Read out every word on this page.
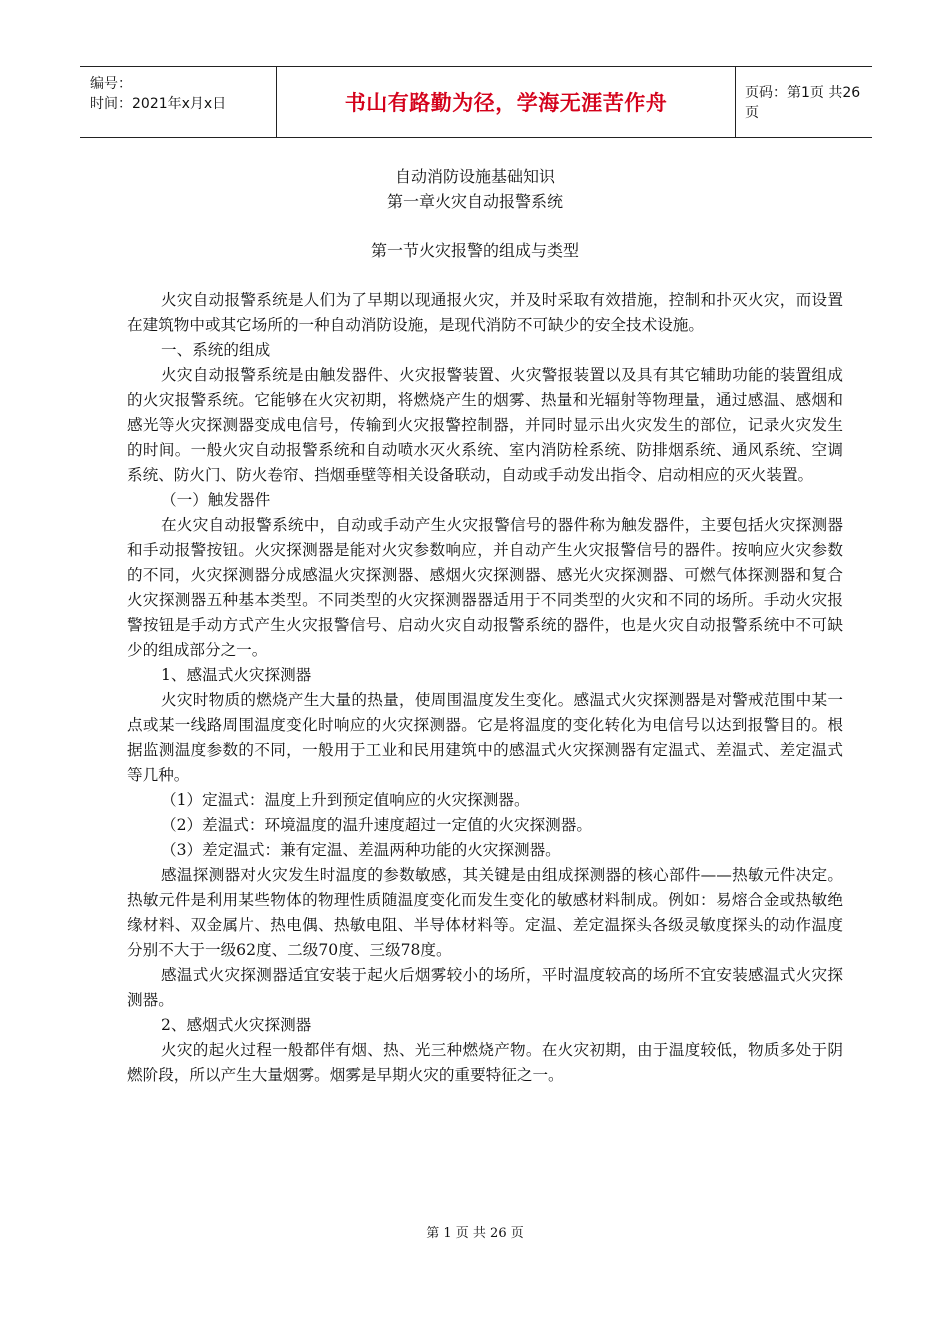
编号：
时间：2021年x月x日	书山有路勤为径，学海无涯苦作舟	页码：第1页 共26页
自动消防设施基础知识
第一章火灾自动报警系统
第一节火灾报警的组成与类型

火灾自动报警系统是人们为了早期以现通报火灾，并及时采取有效措施，控制和扑灭火灾，而设置在建筑物中或其它场所的一种自动消防设施，是现代消防不可缺少的安全技术设施。

一、系统的组成

火灾自动报警系统是由触发器件、火灾报警装置、火灾警报装置以及具有其它辅助功能的装置组成的火灾报警系统。它能够在火灾初期，将燃烧产生的烟雾、热量和光辐射等物理量，通过感温、感烟和感光等火灾探测器变成电信号，传输到火灾报警控制器，并同时显示出火灾发生的部位，记录火灾发生的时间。一般火灾自动报警系统和自动喷水灭火系统、室内消防栓系统、防排烟系统、通风系统、空调系统、防火门、防火卷帘、挡烟垂壁等相关设备联动，自动或手动发出指令、启动相应的灭火装置。

（一）触发器件

在火灾自动报警系统中，自动或手动产生火灾报警信号的器件称为触发器件，主要包括火灾探测器和手动报警按钮。火灾探测器是能对火灾参数响应，并自动产生火灾报警信号的器件。按响应火灾参数的不同，火灾探测器分成感温火灾探测器、感烟火灾探测器、感光火灾探测器、可燃气体探测器和复合火灾探测器五种基本类型。不同类型的火灾探测器器适用于不同类型的火灾和不同的场所。手动火灾报警按钮是手动方式产生火灾报警信号、启动火灾自动报警系统的器件，也是火灾自动报警系统中不可缺少的组成部分之一。

1、感温式火灾探测器

火灾时物质的燃烧产生大量的热量，使周围温度发生变化。感温式火灾探测器是对警戒范围中某一点或某一线路周围温度变化时响应的火灾探测器。它是将温度的变化转化为电信号以达到报警目的。根据监测温度参数的不同，一般用于工业和民用建筑中的感温式火灾探测器有定温式、差温式、差定温式等几种。

（1）定温式：温度上升到预定值响应的火灾探测器。

（2）差温式：环境温度的温升速度超过一定值的火灾探测器。

（3）差定温式：兼有定温、差温两种功能的火灾探测器。

感温探测器对火灾发生时温度的参数敏感，其关键是由组成探测器的核心部件——热敏元件决定。热敏元件是利用某些物体的物理性质随温度变化而发生变化的敏感材料制成。例如：易熔合金或热敏绝缘材料、双金属片、热电偶、热敏电阻、半导体材料等。定温、差定温探头各级灵敏度探头的动作温度分别不大于一级62度、二级70度、三级78度。

感温式火灾探测器适宜安装于起火后烟雾较小的场所，平时温度较高的场所不宜安装感温式火灾探测器。

2、感烟式火灾探测器

火灾的起火过程一般都伴有烟、热、光三种燃烧产物。在火灾初期，由于温度较低，物质多处于阴燃阶段，所以产生大量烟雾。烟雾是早期火灾的重要特征之一。

第 1 页 共 26 页
